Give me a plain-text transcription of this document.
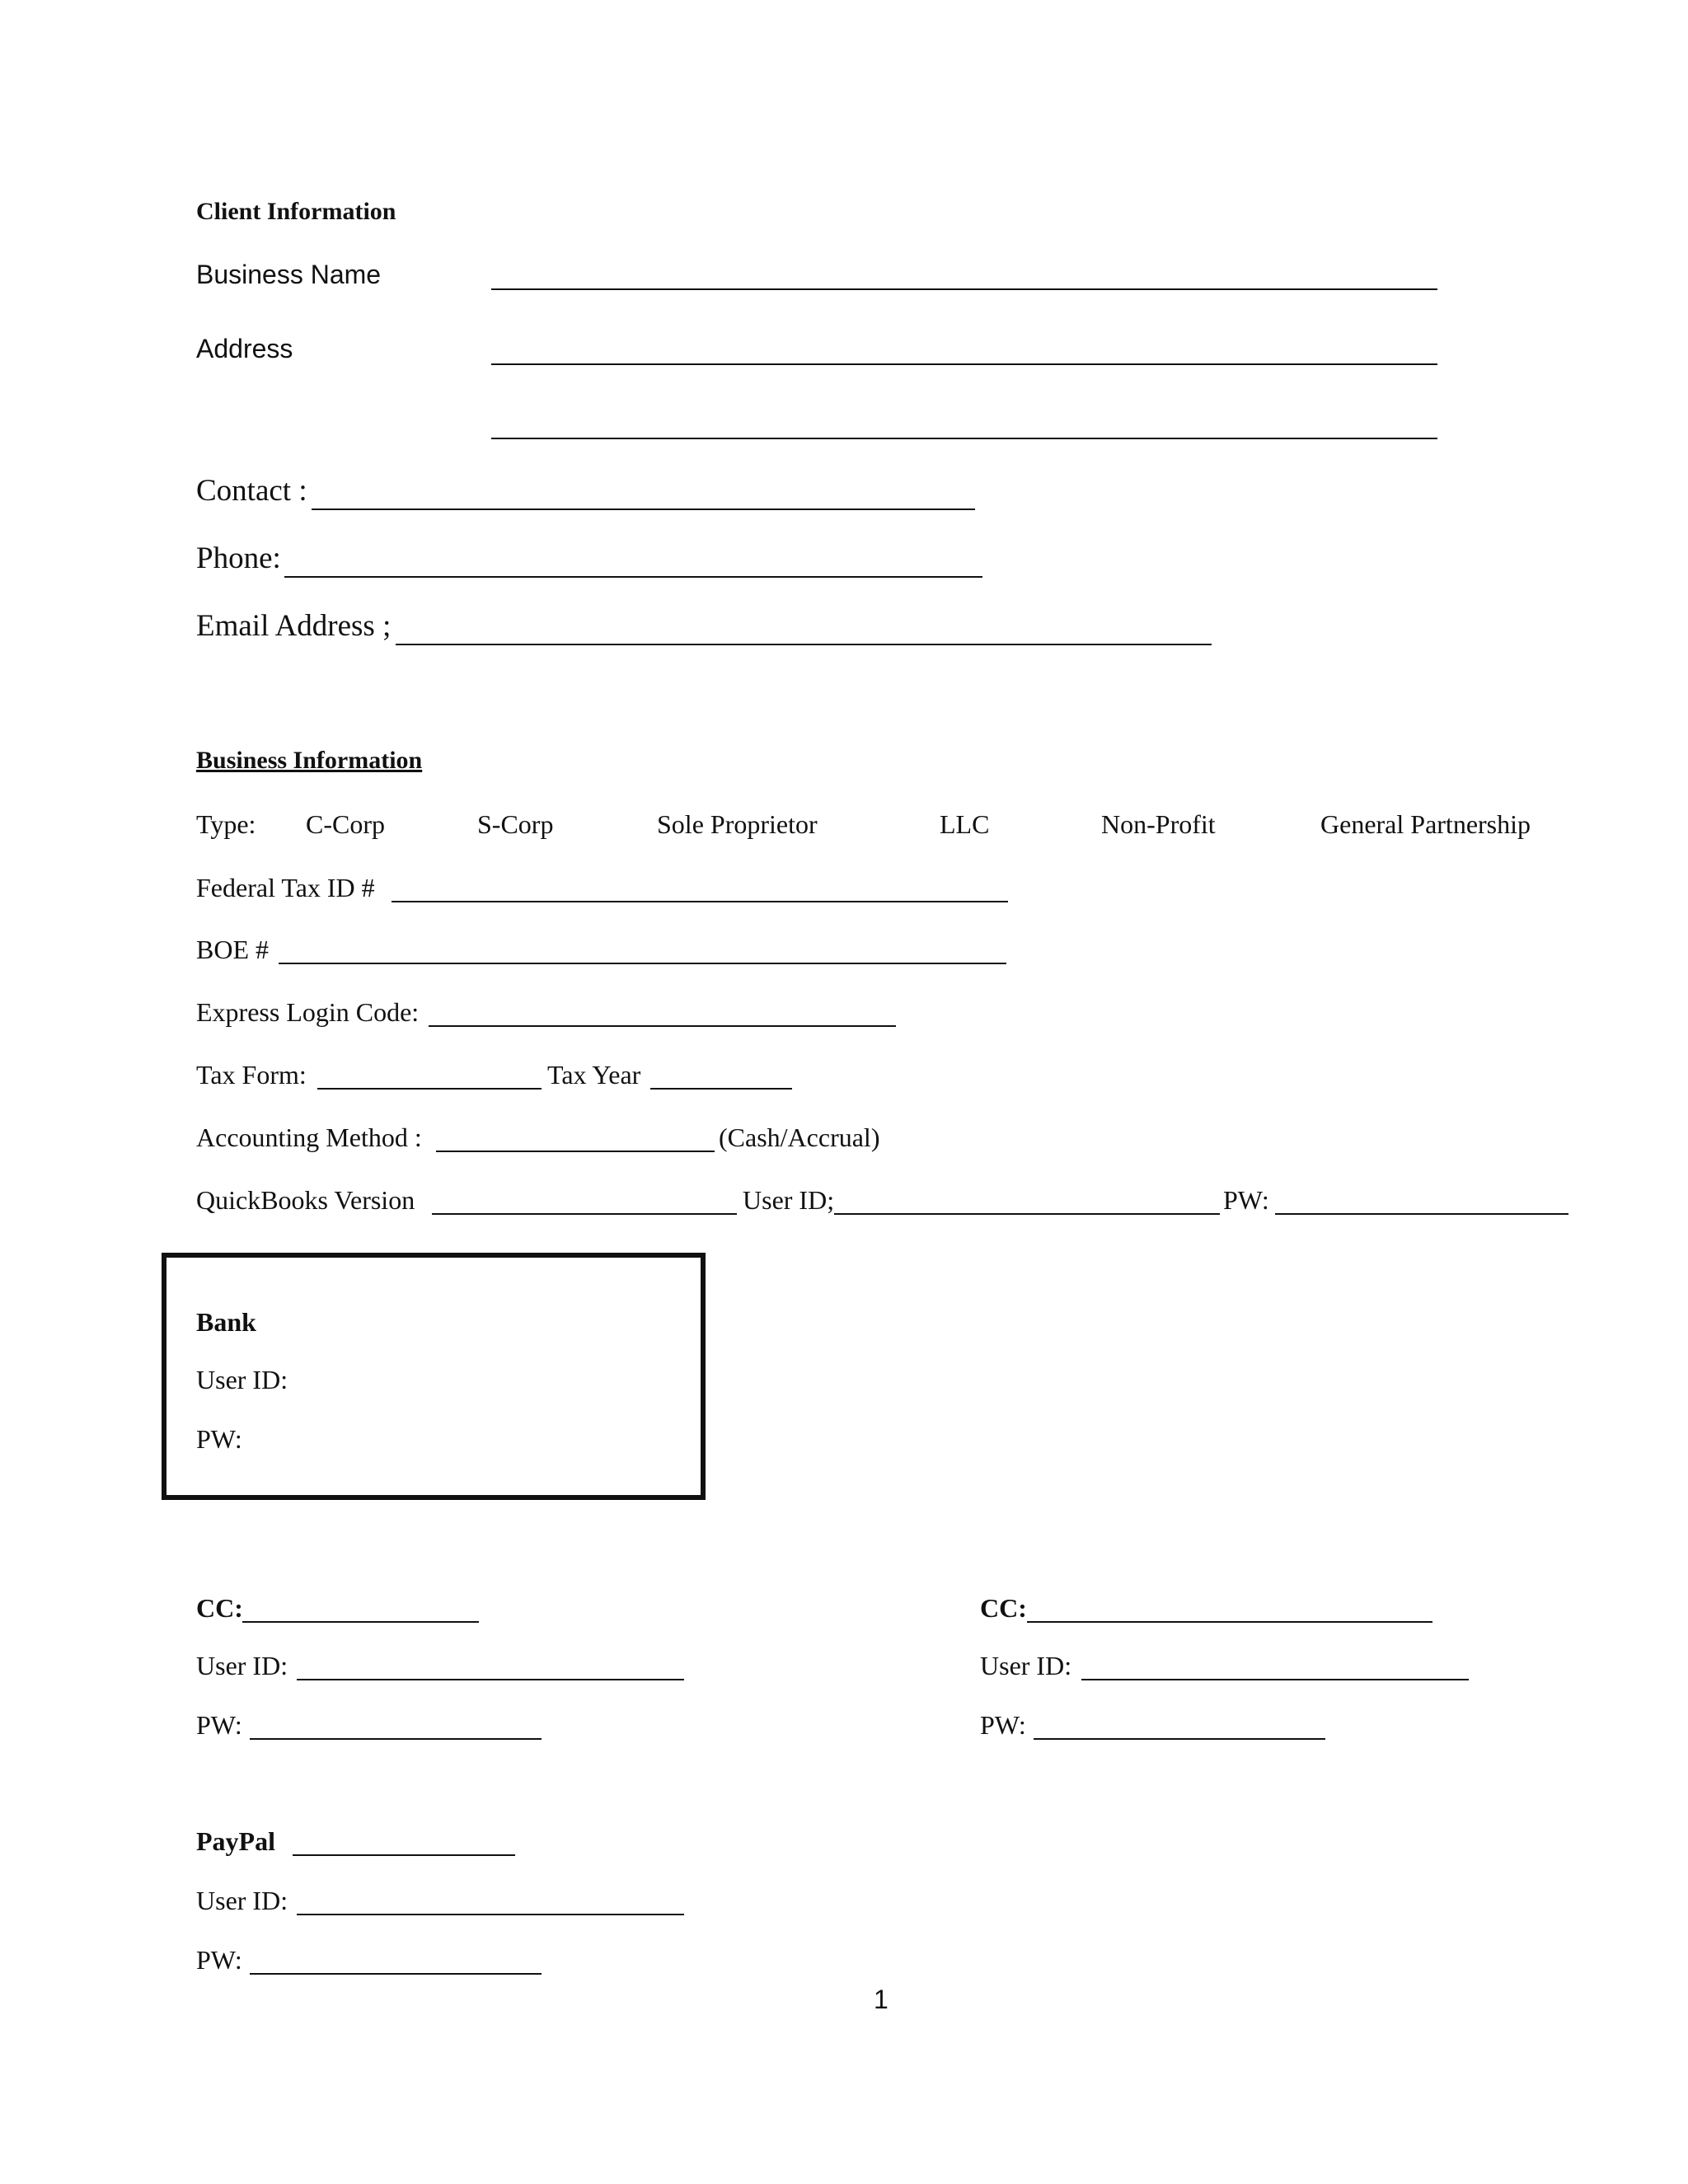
Client Information
Business Name
Address
Contact :
Phone:
Email Address ;
Business Information
Type: C-Corp	S-Corp	Sole Proprietor	LLC	Non-Profit	General Partnership
Federal Tax ID #
BOE #
Express Login Code:
Tax Form:	Tax Year
Accounting Method :	(Cash/Accrual)
QuickBooks Version	User ID;	PW:
Bank
User ID:
PW:
CC:
User ID:
PW:
CC:
User ID:
PW:
PayPal
User ID:
PW:
1
